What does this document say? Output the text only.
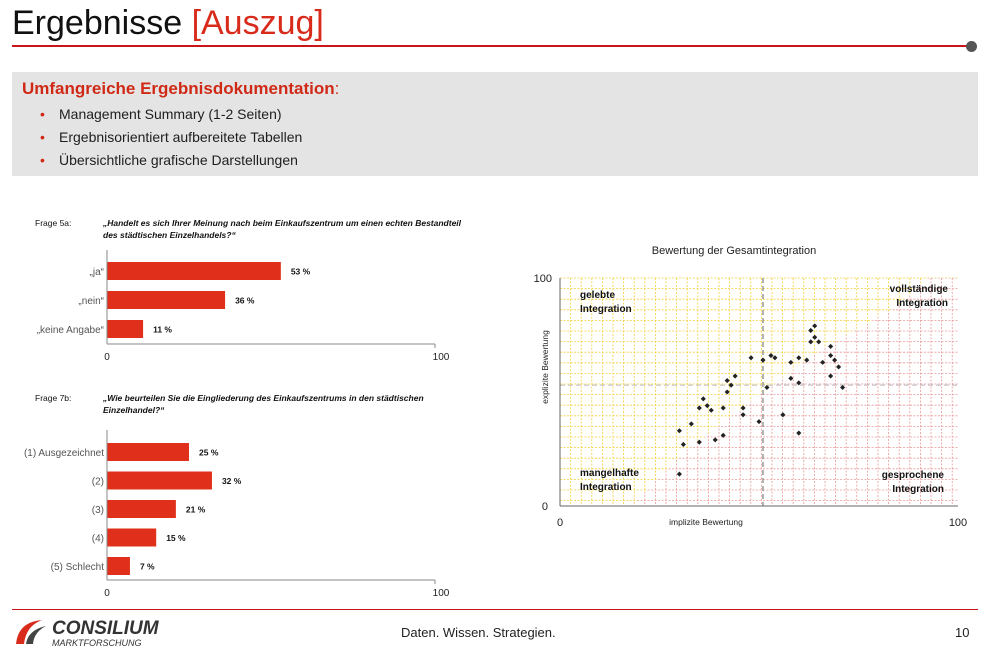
Ergebnisse [Auszug]
Umfangreiche Ergebnisdokumentation:
• Management Summary (1-2 Seiten)
• Ergebnisorientiert aufbereitete Tabellen
• Übersichtliche grafische Darstellungen
Frage 5a:	„Handelt es sich Ihrer Meinung nach beim Einkaufszentrum um einen echten Bestandteil
des städtischen Einzelhandels?“
„ja“	53 %
„nein“	36 %
„keine Angabe“	11 %
0	100
Frage 7b:	„Wie beurteilen Sie die Eingliederung des Einkaufszentrums in den städtischen
Einzelhandel?“
(1) Ausgezeichnet	25 %
(2)	32 %
(3)	21 %
(4)	15 %
(5) Schlecht	7 %
0	100
Bewertung der Gesamtintegration
100
0
0	100
implizite Bewertung
explizite Bewertung
gelebte
Integration
vollständige
Integration
mangelhafte
Integration
gesprochene
Integration
CONSILIUM
MARKTFORSCHUNG
Daten. Wissen. Strategien.	10
